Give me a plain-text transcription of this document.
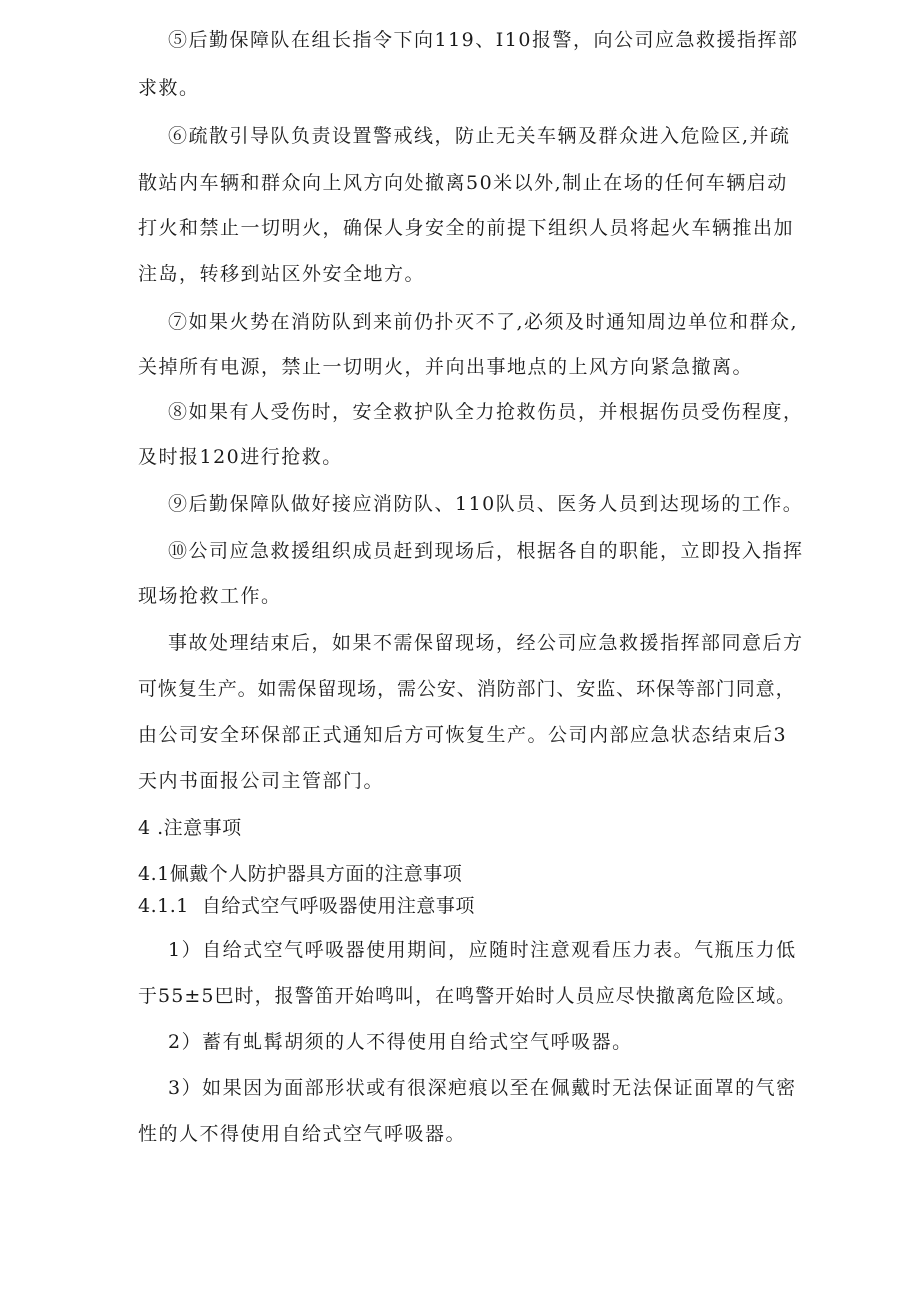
⑤后勤保障队在组长指令下向119、I10报警，向公司应急救援指挥部
求救。
⑥疏散引导队负责设置警戒线，防止无关车辆及群众进入危险区,并疏
散站内车辆和群众向上风方向处撤离50米以外,制止在场的任何车辆启动
打火和禁止一切明火，确保人身安全的前提下组织人员将起火车辆推出加
注岛，转移到站区外安全地方。
⑦如果火势在消防队到来前仍扑灭不了,必须及时通知周边单位和群众,
关掉所有电源，禁止一切明火，并向出事地点的上风方向紧急撤离。
⑧如果有人受伤时，安全救护队全力抢救伤员，并根据伤员受伤程度，
及时报120进行抢救。
⑨后勤保障队做好接应消防队、110队员、医务人员到达现场的工作。
⑩公司应急救援组织成员赶到现场后，根据各自的职能，立即投入指挥
现场抢救工作。
事故处理结束后，如果不需保留现场，经公司应急救援指挥部同意后方
可恢复生产。如需保留现场，需公安、消防部门、安监、环保等部门同意，
由公司安全环保部正式通知后方可恢复生产。公司内部应急状态结束后3
天内书面报公司主管部门。
4 .注意事项
4.1佩戴个人防护器具方面的注意事项
4.1.1  自给式空气呼吸器使用注意事项
1）自给式空气呼吸器使用期间，应随时注意观看压力表。气瓶压力低
于55±5巴时，报警笛开始鸣叫，在鸣警开始时人员应尽快撤离危险区域。
2）蓄有虬髯胡须的人不得使用自给式空气呼吸器。
3）如果因为面部形状或有很深疤痕以至在佩戴时无法保证面罩的气密
性的人不得使用自给式空气呼吸器。
